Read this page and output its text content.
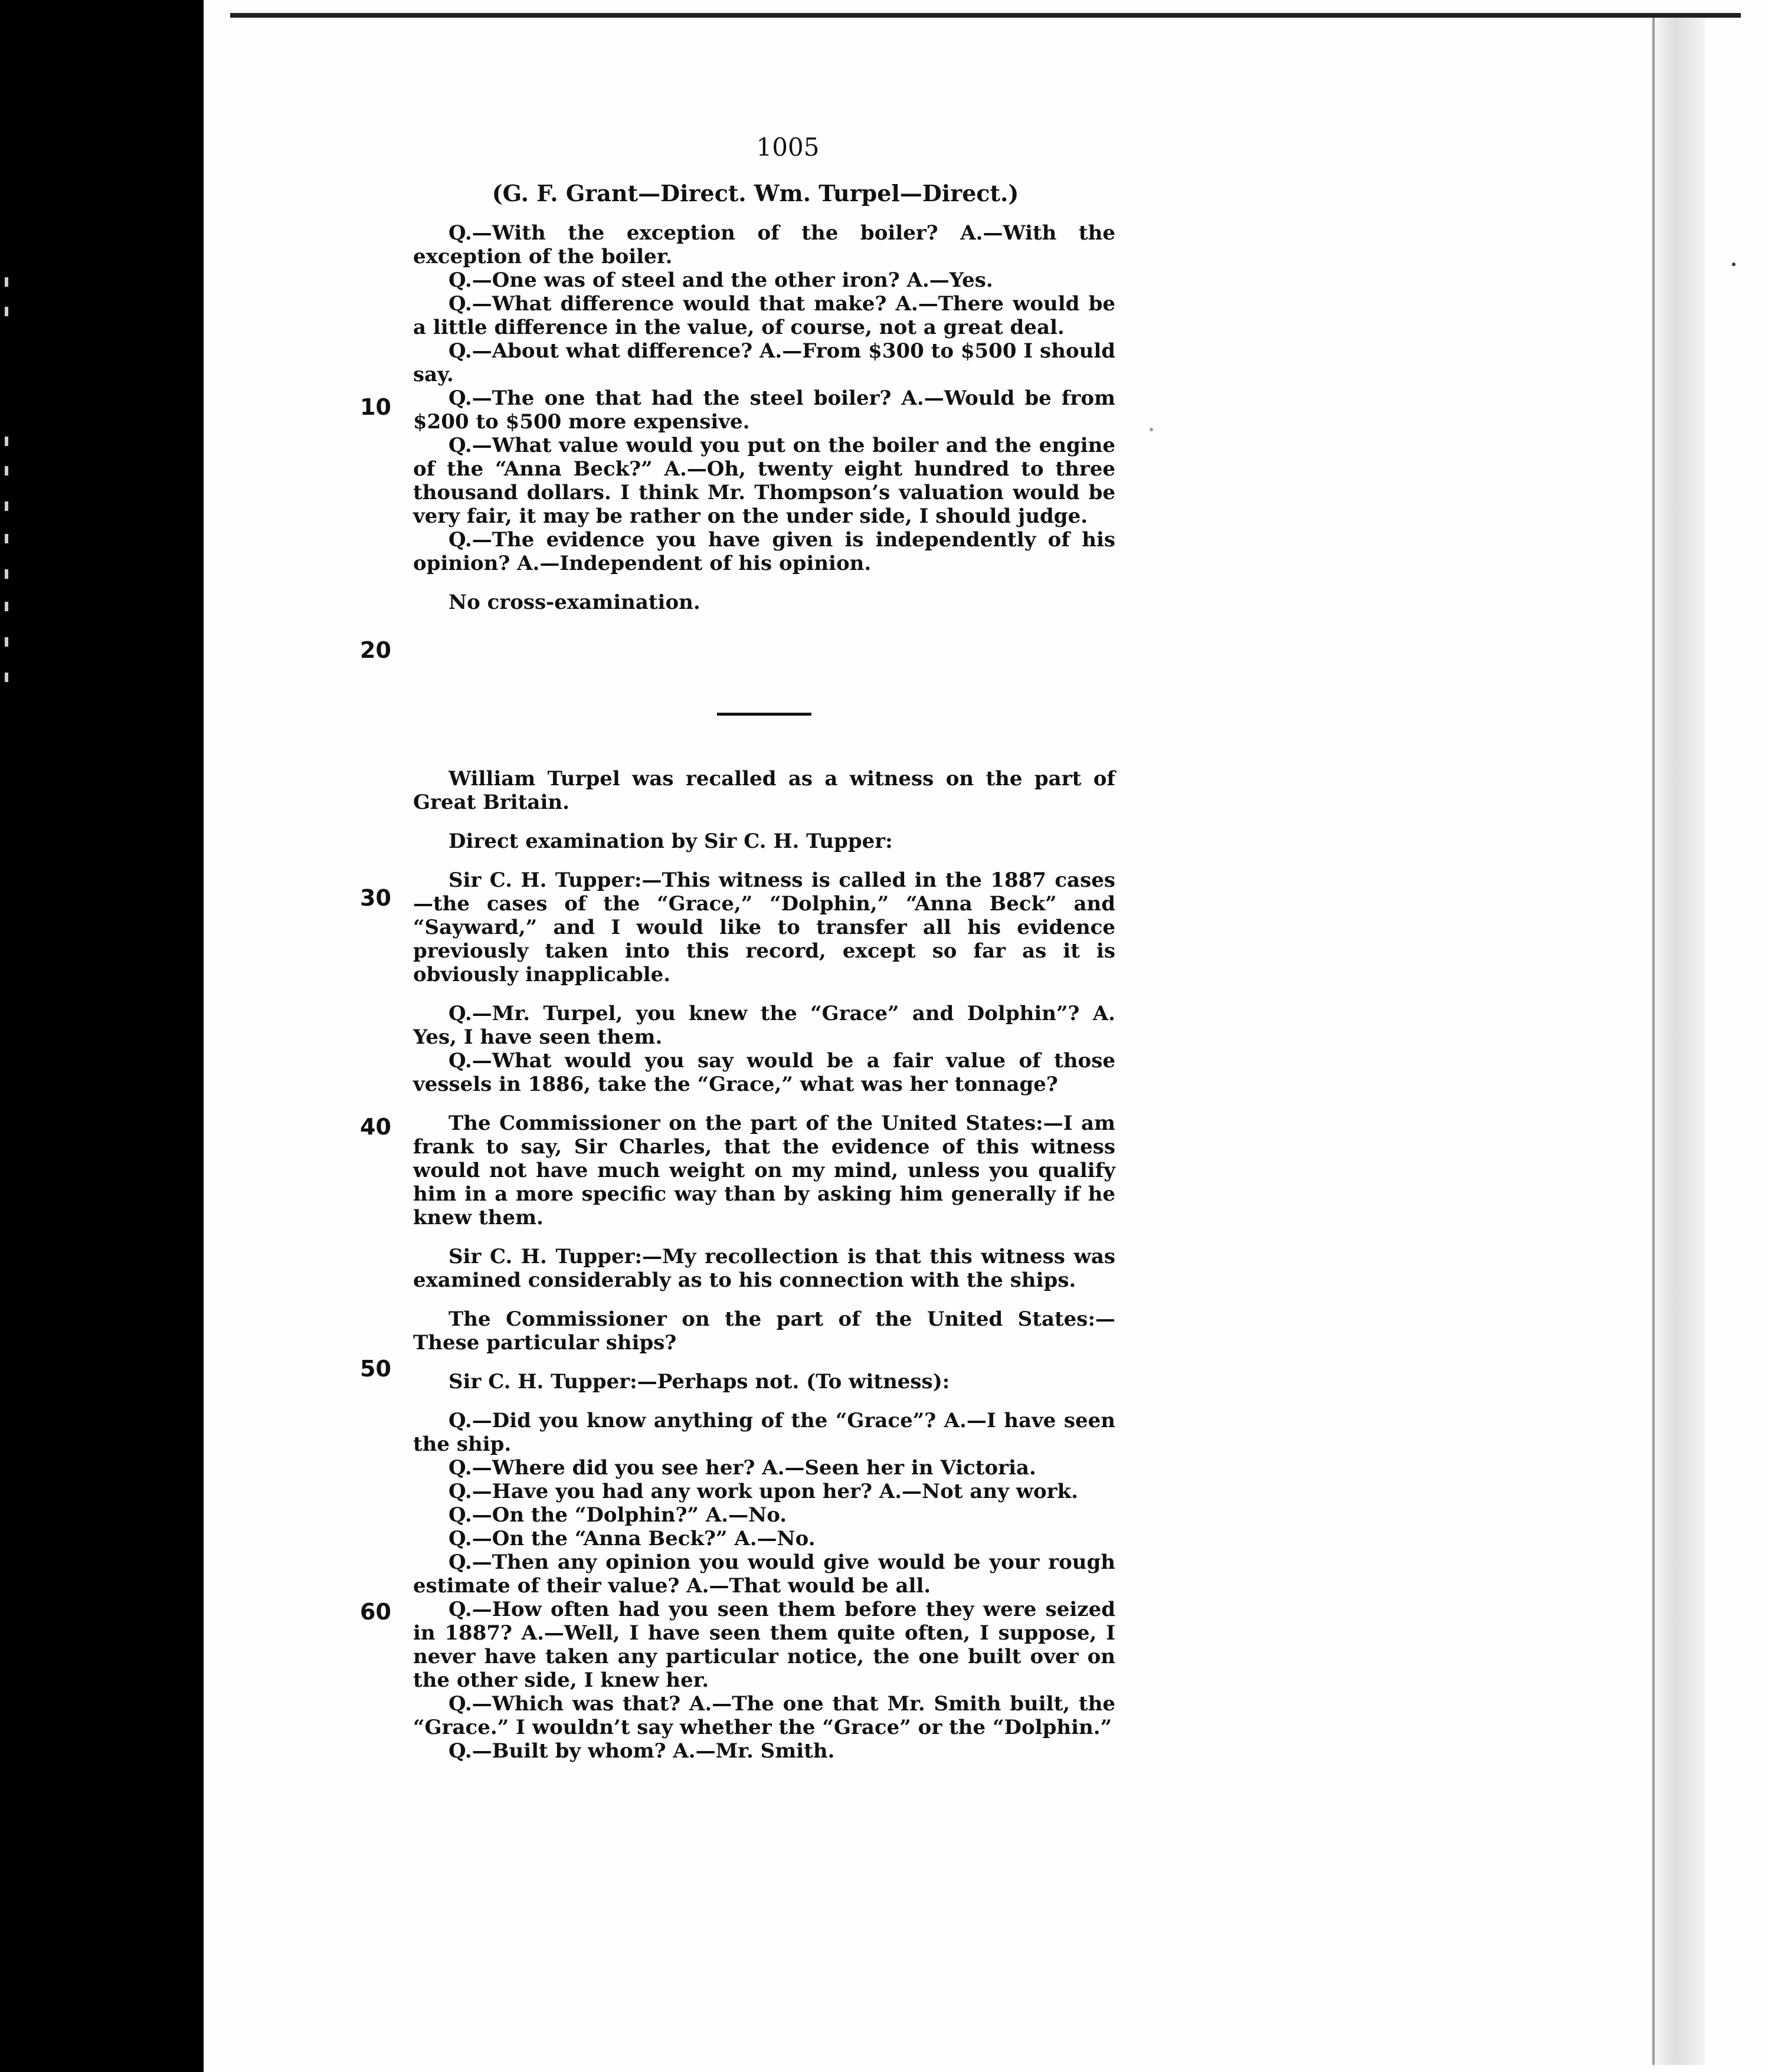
1005
(G. F. Grant—Direct. Wm. Turpel—Direct.)

Q.—With the exception of the boiler? A.—With the exception of the boiler.

Q.—One was of steel and the other iron? A.—Yes.

Q.—What difference would that make? A.—There would be a little difference in the value, of course, not a great deal.

Q.—About what difference? A.—From $300 to $500 I should say.

Q.—The one that had the steel boiler? A.—Would be from $200 to $500 more expensive.

Q.—What value would you put on the boiler and the engine of the “Anna Beck?” A.—Oh, twenty eight hundred to three thousand dollars. I think Mr. Thompson’s valuation would be very fair, it may be rather on the under side, I should judge.

Q.—The evidence you have given is independently of his opinion? A.—Independent of his opinion.

No cross-examination.

William Turpel was recalled as a witness on the part of Great Britain.

Direct examination by Sir C. H. Tupper:

Sir C. H. Tupper:—This witness is called in the 1887 cases —the cases of the “Grace,” “Dolphin,” “Anna Beck” and “Sayward,” and I would like to transfer all his evidence previously taken into this record, except so far as it is obviously inapplicable.

Q.—Mr. Turpel, you knew the “Grace” and Dolphin”? A. Yes, I have seen them.

Q.—What would you say would be a fair value of those vessels in 1886, take the “Grace,” what was her tonnage?

The Commissioner on the part of the United States:—I am frank to say, Sir Charles, that the evidence of this witness would not have much weight on my mind, unless you qualify him in a more specific way than by asking him generally if he knew them.

Sir C. H. Tupper:—My recollection is that this witness was examined considerably as to his connection with the ships.

The Commissioner on the part of the United States:— These particular ships?

Sir C. H. Tupper:—Perhaps not. (To witness):

Q.—Did you know anything of the “Grace”? A.—I have seen the ship.

Q.—Where did you see her? A.—Seen her in Victoria.

Q.—Have you had any work upon her? A.—Not any work.

Q.—On the “Dolphin?” A.—No.

Q.—On the “Anna Beck?” A.—No.

Q.—Then any opinion you would give would be your rough estimate of their value? A.—That would be all.

Q.—How often had you seen them before they were seized in 1887? A.—Well, I have seen them quite often, I suppose, I never have taken any particular notice, the one built over on the other side, I knew her.

Q.—Which was that? A.—The one that Mr. Smith built, the “Grace.” I wouldn’t say whether the “Grace” or the “Dolphin.”

Q.—Built by whom? A.—Mr. Smith.

10
20
30
40
50
60
